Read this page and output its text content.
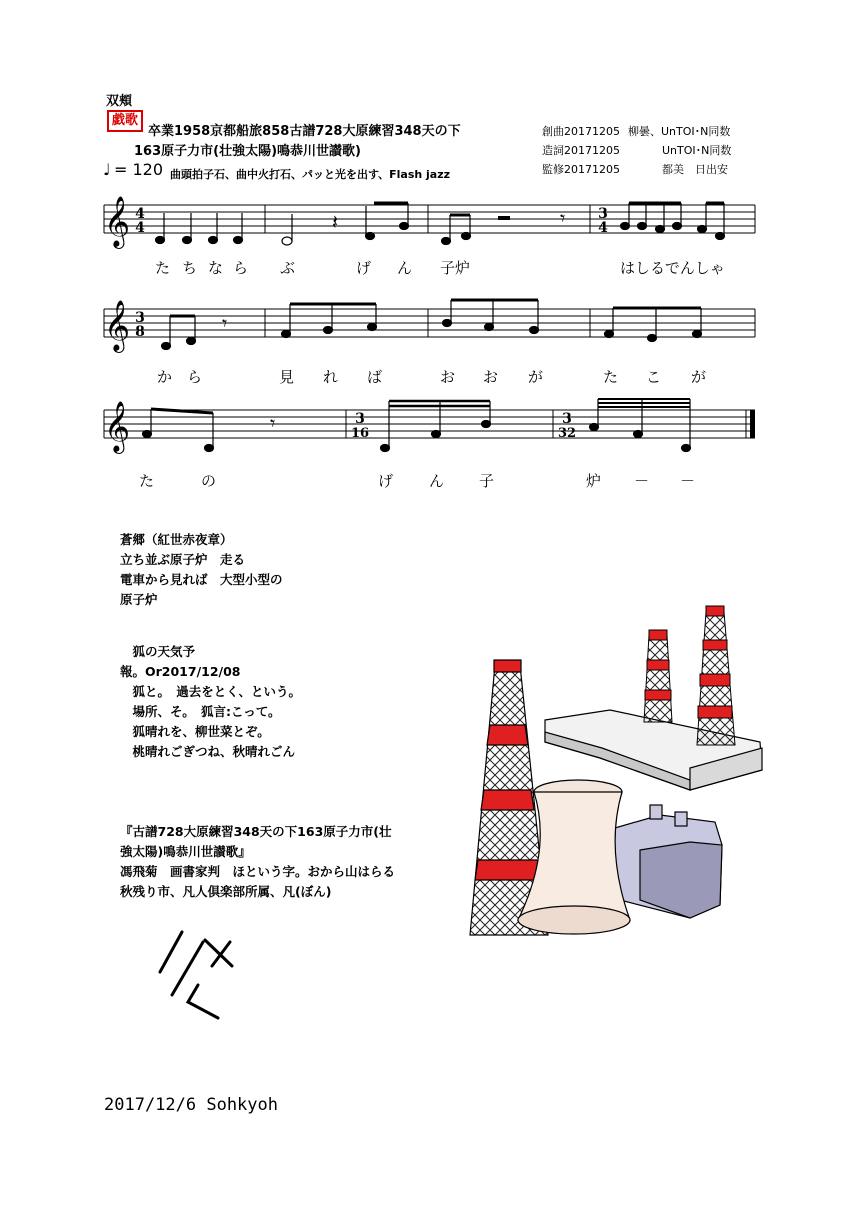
双頬
戯歌
卒業1958京都船旅858古譜728大原練習348天の下
163原子力市(壮強太陽)鳴恭川世讃歌)
♩ = 120 曲頭拍子石、曲中火打石、パッと光を出す、Flash jazz
創曲20171205 柳曇、UnTOI･N同数
造詞20171205	UnTOI･N同数
監修20171205	都美　日出安
𝄞
𝄞
𝄞
4
4
3
4
3
8
3
16
3
32
𝄽	𝄾
𝄾
𝄾
た ち な ら ぶ	げ ん 子炉	はしるでんしゃ
か ら	見 れ ば	お お が	た こ が
た	の	げ ん 子	炉 － －
蒼郷（紅世赤夜章）
立ち並ぶ原子炉　走る
電車から見れば　大型小型の
原子炉
　狐の天気予
報。Or2017/12/08
　狐と。　過去をとく、という。
　場所、そ。　狐言:こって。
　狐晴れを、柳世菜とぞ。
　桃晴れごぎつね、秋晴れごん
『古譜728大原練習348天の下163原子力市(壮
強太陽)鳴恭川世讃歌』
馮飛菊　画書家判　ほという字。おから山はらる
秋残り市、凡人倶楽部所属、凡(ぼん)
2017/12/6 Sohkyoh
